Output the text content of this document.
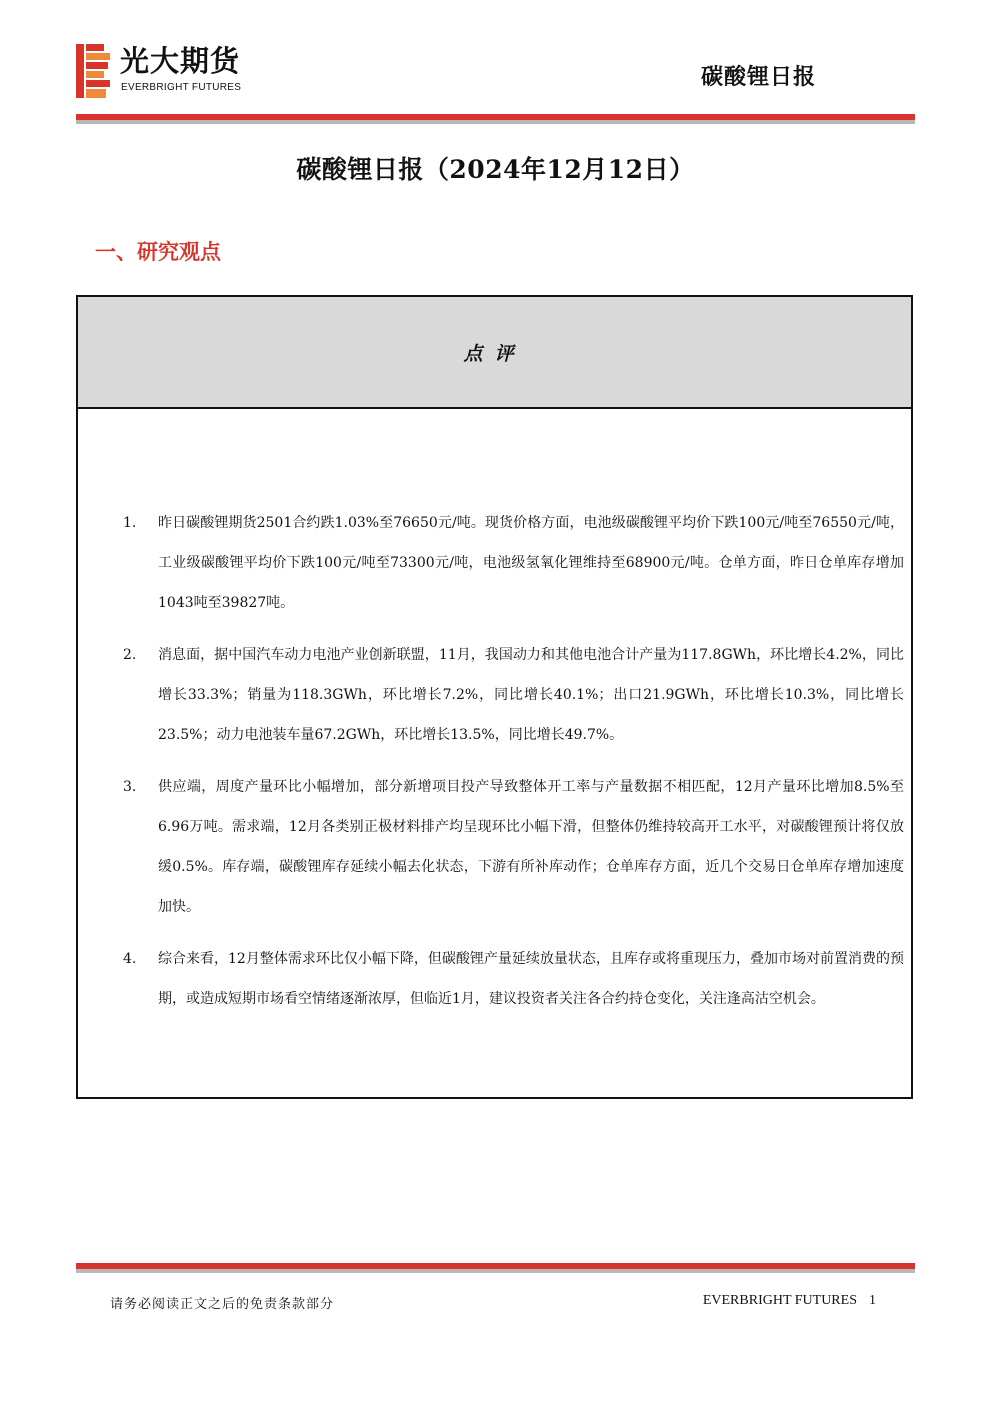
光大期货
EVERBRIGHT FUTURES	碳酸锂日报
碳酸锂日报（2024年12月12日）
一、研究观点
点评
1. 昨日碳酸锂期货2501合约跌1.03%至76650元/吨。现货价格方面，电池级碳酸锂平均价下跌100元/吨至76550元/吨，工业级碳酸锂平均价下跌100元/吨至73300元/吨，电池级氢氧化锂维持至68900元/吨。仓单方面，昨日仓单库存增加1043吨至39827吨。
2. 消息面，据中国汽车动力电池产业创新联盟，11月，我国动力和其他电池合计产量为117.8GWh，环比增长4.2%，同比增长33.3%；销量为118.3GWh，环比增长7.2%，同比增长40.1%；出口21.9GWh，环比增长10.3%，同比增长23.5%；动力电池装车量67.2GWh，环比增长13.5%，同比增长49.7%。
3. 供应端，周度产量环比小幅增加，部分新增项目投产导致整体开工率与产量数据不相匹配，12月产量环比增加8.5%至6.96万吨。需求端，12月各类别正极材料排产均呈现环比小幅下滑，但整体仍维持较高开工水平，对碳酸锂预计将仅放缓0.5%。库存端，碳酸锂库存延续小幅去化状态，下游有所补库动作；仓单库存方面，近几个交易日仓单库存增加速度加快。
4. 综合来看，12月整体需求环比仅小幅下降，但碳酸锂产量延续放量状态，且库存或将重现压力，叠加市场对前置消费的预期，或造成短期市场看空情绪逐渐浓厚，但临近1月，建议投资者关注各合约持仓变化，关注逢高沽空机会。
请务必阅读正文之后的免责条款部分	EVERBRIGHT FUTURES 1
